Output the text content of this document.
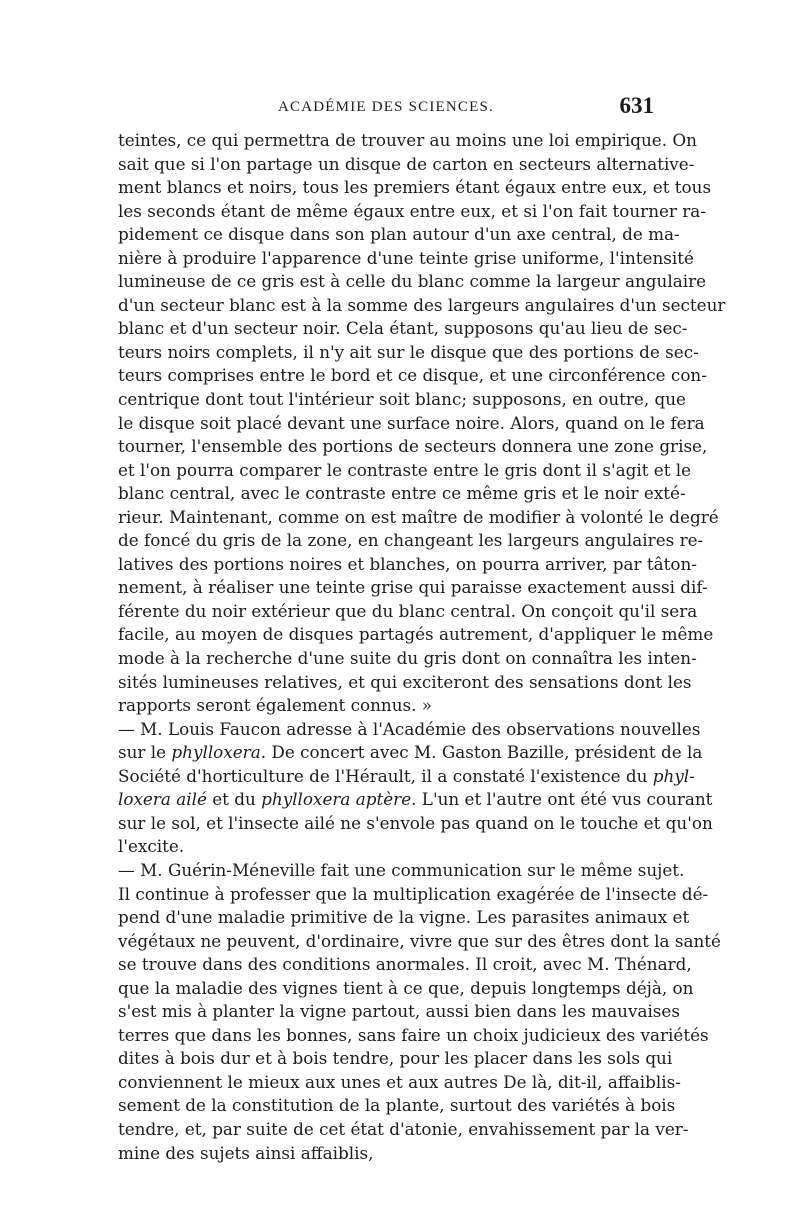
ACADÉMIE DES SCIENCES.	631
teintes, ce qui permettra de trouver au moins une loi empirique. On
sait que si l'on partage un disque de carton en secteurs alternative-
ment blancs et noirs, tous les premiers étant égaux entre eux, et tous
les seconds étant de même égaux entre eux, et si l'on fait tourner ra-
pidement ce disque dans son plan autour d'un axe central, de ma-
nière à produire l'apparence d'une teinte grise uniforme, l'intensité
lumineuse de ce gris est à celle du blanc comme la largeur angulaire
d'un secteur blanc est à la somme des largeurs angulaires d'un secteur
blanc et d'un secteur noir. Cela étant, supposons qu'au lieu de sec-
teurs noirs complets, il n'y ait sur le disque que des portions de sec-
teurs comprises entre le bord et ce disque, et une circonférence con-
centrique dont tout l'intérieur soit blanc; supposons, en outre, que
le disque soit placé devant une surface noire. Alors, quand on le fera
tourner, l'ensemble des portions de secteurs donnera une zone grise,
et l'on pourra comparer le contraste entre le gris dont il s'agit et le
blanc central, avec le contraste entre ce même gris et le noir exté-
rieur. Maintenant, comme on est maître de modifier à volonté le degré
de foncé du gris de la zone, en changeant les largeurs angulaires re-
latives des portions noires et blanches, on pourra arriver, par tâton-
nement, à réaliser une teinte grise qui paraisse exactement aussi dif-
férente du noir extérieur que du blanc central. On conçoit qu'il sera
facile, au moyen de disques partagés autrement, d'appliquer le même
mode à la recherche d'une suite du gris dont on connaîtra les inten-
sités lumineuses relatives, et qui exciteront des sensations dont les
rapports seront également connus. »
— M. Louis Faucon adresse à l'Académie des observations nouvelles
sur le phylloxera. De concert avec M. Gaston Bazille, président de la
Société d'horticulture de l'Hérault, il a constaté l'existence du phyl-
loxera ailé et du phylloxera aptère. L'un et l'autre ont été vus courant
sur le sol, et l'insecte ailé ne s'envole pas quand on le touche et qu'on
l'excite.
— M. Guérin-Méneville fait une communication sur le même sujet.
Il continue à professer que la multiplication exagérée de l'insecte dé-
pend d'une maladie primitive de la vigne. Les parasites animaux et
végétaux ne peuvent, d'ordinaire, vivre que sur des êtres dont la santé
se trouve dans des conditions anormales. Il croit, avec M. Thénard,
que la maladie des vignes tient à ce que, depuis longtemps déjà, on
s'est mis à planter la vigne partout, aussi bien dans les mauvaises
terres que dans les bonnes, sans faire un choix judicieux des variétés
dites à bois dur et à bois tendre, pour les placer dans les sols qui
conviennent le mieux aux unes et aux autres De là, dit-il, affaiblis-
sement de la constitution de la plante, surtout des variétés à bois
tendre, et, par suite de cet état d'atonie, envahissement par la ver-
mine des sujets ainsi affaiblis,
